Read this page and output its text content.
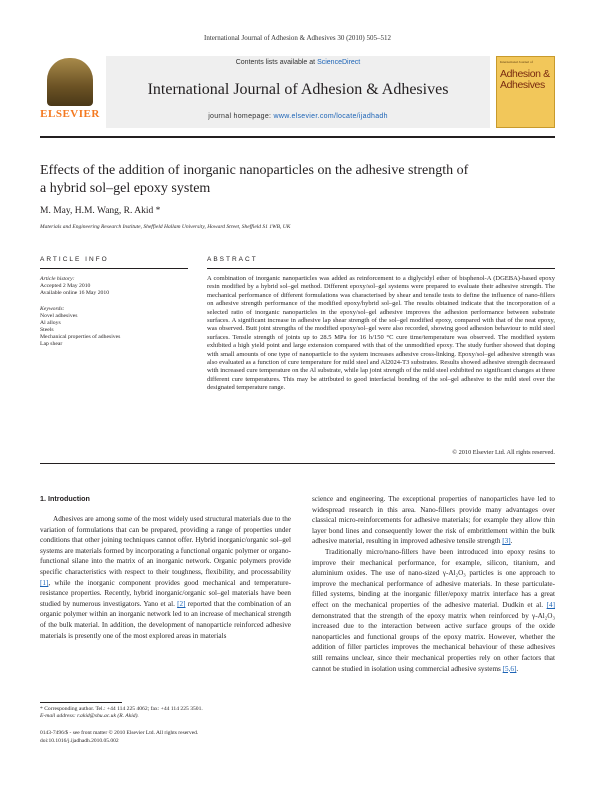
International Journal of Adhesion & Adhesives 30 (2010) 505–512
ELSEVIER
Contents lists available at ScienceDirect
International Journal of Adhesion & Adhesives
journal homepage: www.elsevier.com/locate/ijadhadh
International Journal of
Adhesion &
Adhesives
Effects of the addition of inorganic nanoparticles on the adhesive strength of
a hybrid sol–gel epoxy system
M. May, H.M. Wang, R. Akid *
Materials and Engineering Research Institute, Sheffield Hallam University, Howard Street, Sheffield S1 1WB, UK
ARTICLE INFO
Article history:
Accepted 2 May 2010
Available online 16 May 2010
Keywords:
Novel adhesives
Al alloys
Steels
Mechanical properties of adhesives
Lap shear
ABSTRACT
A combination of inorganic nanoparticles was added as reinforcement to a diglycidyl ether of bisphenol-A (DGEBA)-based epoxy resin modified by a hybrid sol–gel method. Different epoxy/sol–gel systems were prepared to evaluate their adhesive strength. The mechanical performance of different formulations was characterised by shear and tensile tests to define the influence of nano-fillers on adhesive strength performance of the modified epoxy/hybrid sol–gel. The results obtained indicate that the incorporation of a selected ratio of inorganic nanoparticles in the epoxy/sol–gel adhesive improves the adhesion performance between substrate surfaces. A significant increase in adhesive lap shear strength of the sol–gel modified epoxy, compared with that of the neat epoxy, was observed. Butt joint strengths of the modified epoxy/sol–gel were also recorded, showing good adhesion behaviour to mild steel surfaces. Tensile strength of joints up to 28.5 MPa for 16 h/150 °C cure time/temperature was observed. The modified system exhibited a high yield point and large extension compared with that of the unmodified epoxy. The study further showed that doping with small amounts of one type of nanoparticle to the system increases adhesive cross-linking. Epoxy/sol–gel adhesive strength was also evaluated as a function of cure temperature for mild steel and Al2024-T3 substrates. Results showed adhesive strength decreased with increased cure temperature on the Al substrate, while lap joint strength of the mild steel exhibited no significant changes at three different cure temperatures. This may be attributed to good interfacial bonding of the sol–gel adhesive to the mild steel over the designated temperature range.
© 2010 Elsevier Ltd. All rights reserved.
1. Introduction

Adhesives are among some of the most widely used structural materials due to the variation of formulations that can be prepared, providing a range of properties under conditions that other joining techniques cannot offer. Hybrid inorganic/organic sol–gel systems are materials formed by incorporating a functional organic polymer or organo-functional silane into the matrix of an inorganic network. Organic polymers provide specific characteristics with respect to their toughness, flexibility, and processability [1], while the inorganic component provides good mechanical and temperature-resistance properties. Recently, hybrid inorganic/organic sol–gel materials have been studied by numerous investigators. Yano et al. [2] reported that the combination of an organic polymer within an inorganic network led to an increase of mechanical strength of the bulk material. In addition, the development of nanoparticle reinforced adhesive materials is presently one of the most explored areas in materials

science and engineering. The exceptional properties of nanoparticles have led to widespread research in this area. Nano-fillers provide many advantages over classical micro-reinforcements for adhesive materials; for example they allow thin layer bond lines and consequently lower the risk of embrittlement within the bulk adhesive material, resulting in improved adhesive tensile strength [3].

Traditionally micro/nano-fillers have been introduced into epoxy resins to improve their mechanical performance, for example, silicon, titanium, and aluminium oxides. The use of nano-sized γ-Al₂O₃ particles is one approach to improve the mechanical performance of adhesive materials. In these particulate-filled systems, binding at the inorganic filler/epoxy matrix interface has a great effect on the mechanical properties of the adhesive material. Dudkin et al. [4] demonstrated that the strength of the epoxy matrix when reinforced by γ-Al₂O₃ increased due to the interaction between active surface groups of the oxide nanoparticles and functional groups of the epoxy matrix. However, whether the addition of filler particles improves the mechanical behaviour of these adhesives still remains unclear, since their mechanical properties rely on other factors that cannot be studied in isolation using commercial adhesive systems [5,6].

* Corresponding author. Tel.: +44 114 225 4062; fax: +44 114 225 3501.
E-mail address: r.akid@shu.ac.uk (R. Akid).
0143-7496/$ - see front matter © 2010 Elsevier Ltd. All rights reserved.
doi:10.1016/j.ijadhadh.2010.05.002
